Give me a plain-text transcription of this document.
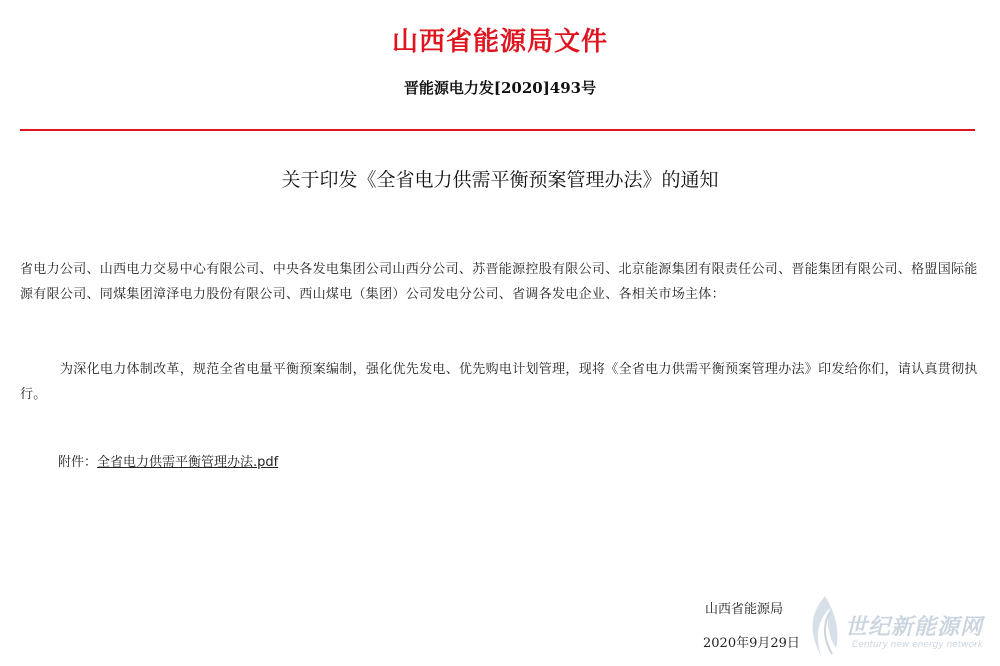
山西省能源局文件
晋能源电力发[2020]493号
关于印发《全省电力供需平衡预案管理办法》的通知
省电力公司、山西电力交易中心有限公司、中央各发电集团公司山西分公司、苏晋能源控股有限公司、北京能源集团有限责任公司、晋能集团有限公司、格盟国际能源有限公司、同煤集团漳泽电力股份有限公司、西山煤电（集团）公司发电分公司、省调各发电企业、各相关市场主体：
为深化电力体制改革，规范全省电量平衡预案编制，强化优先发电、优先购电计划管理，现将《全省电力供需平衡预案管理办法》印发给你们，请认真贯彻执行。
附件：全省电力供需平衡管理办法.pdf
山西省能源局
2020年9月29日
世纪新能源网
Century new energy network
